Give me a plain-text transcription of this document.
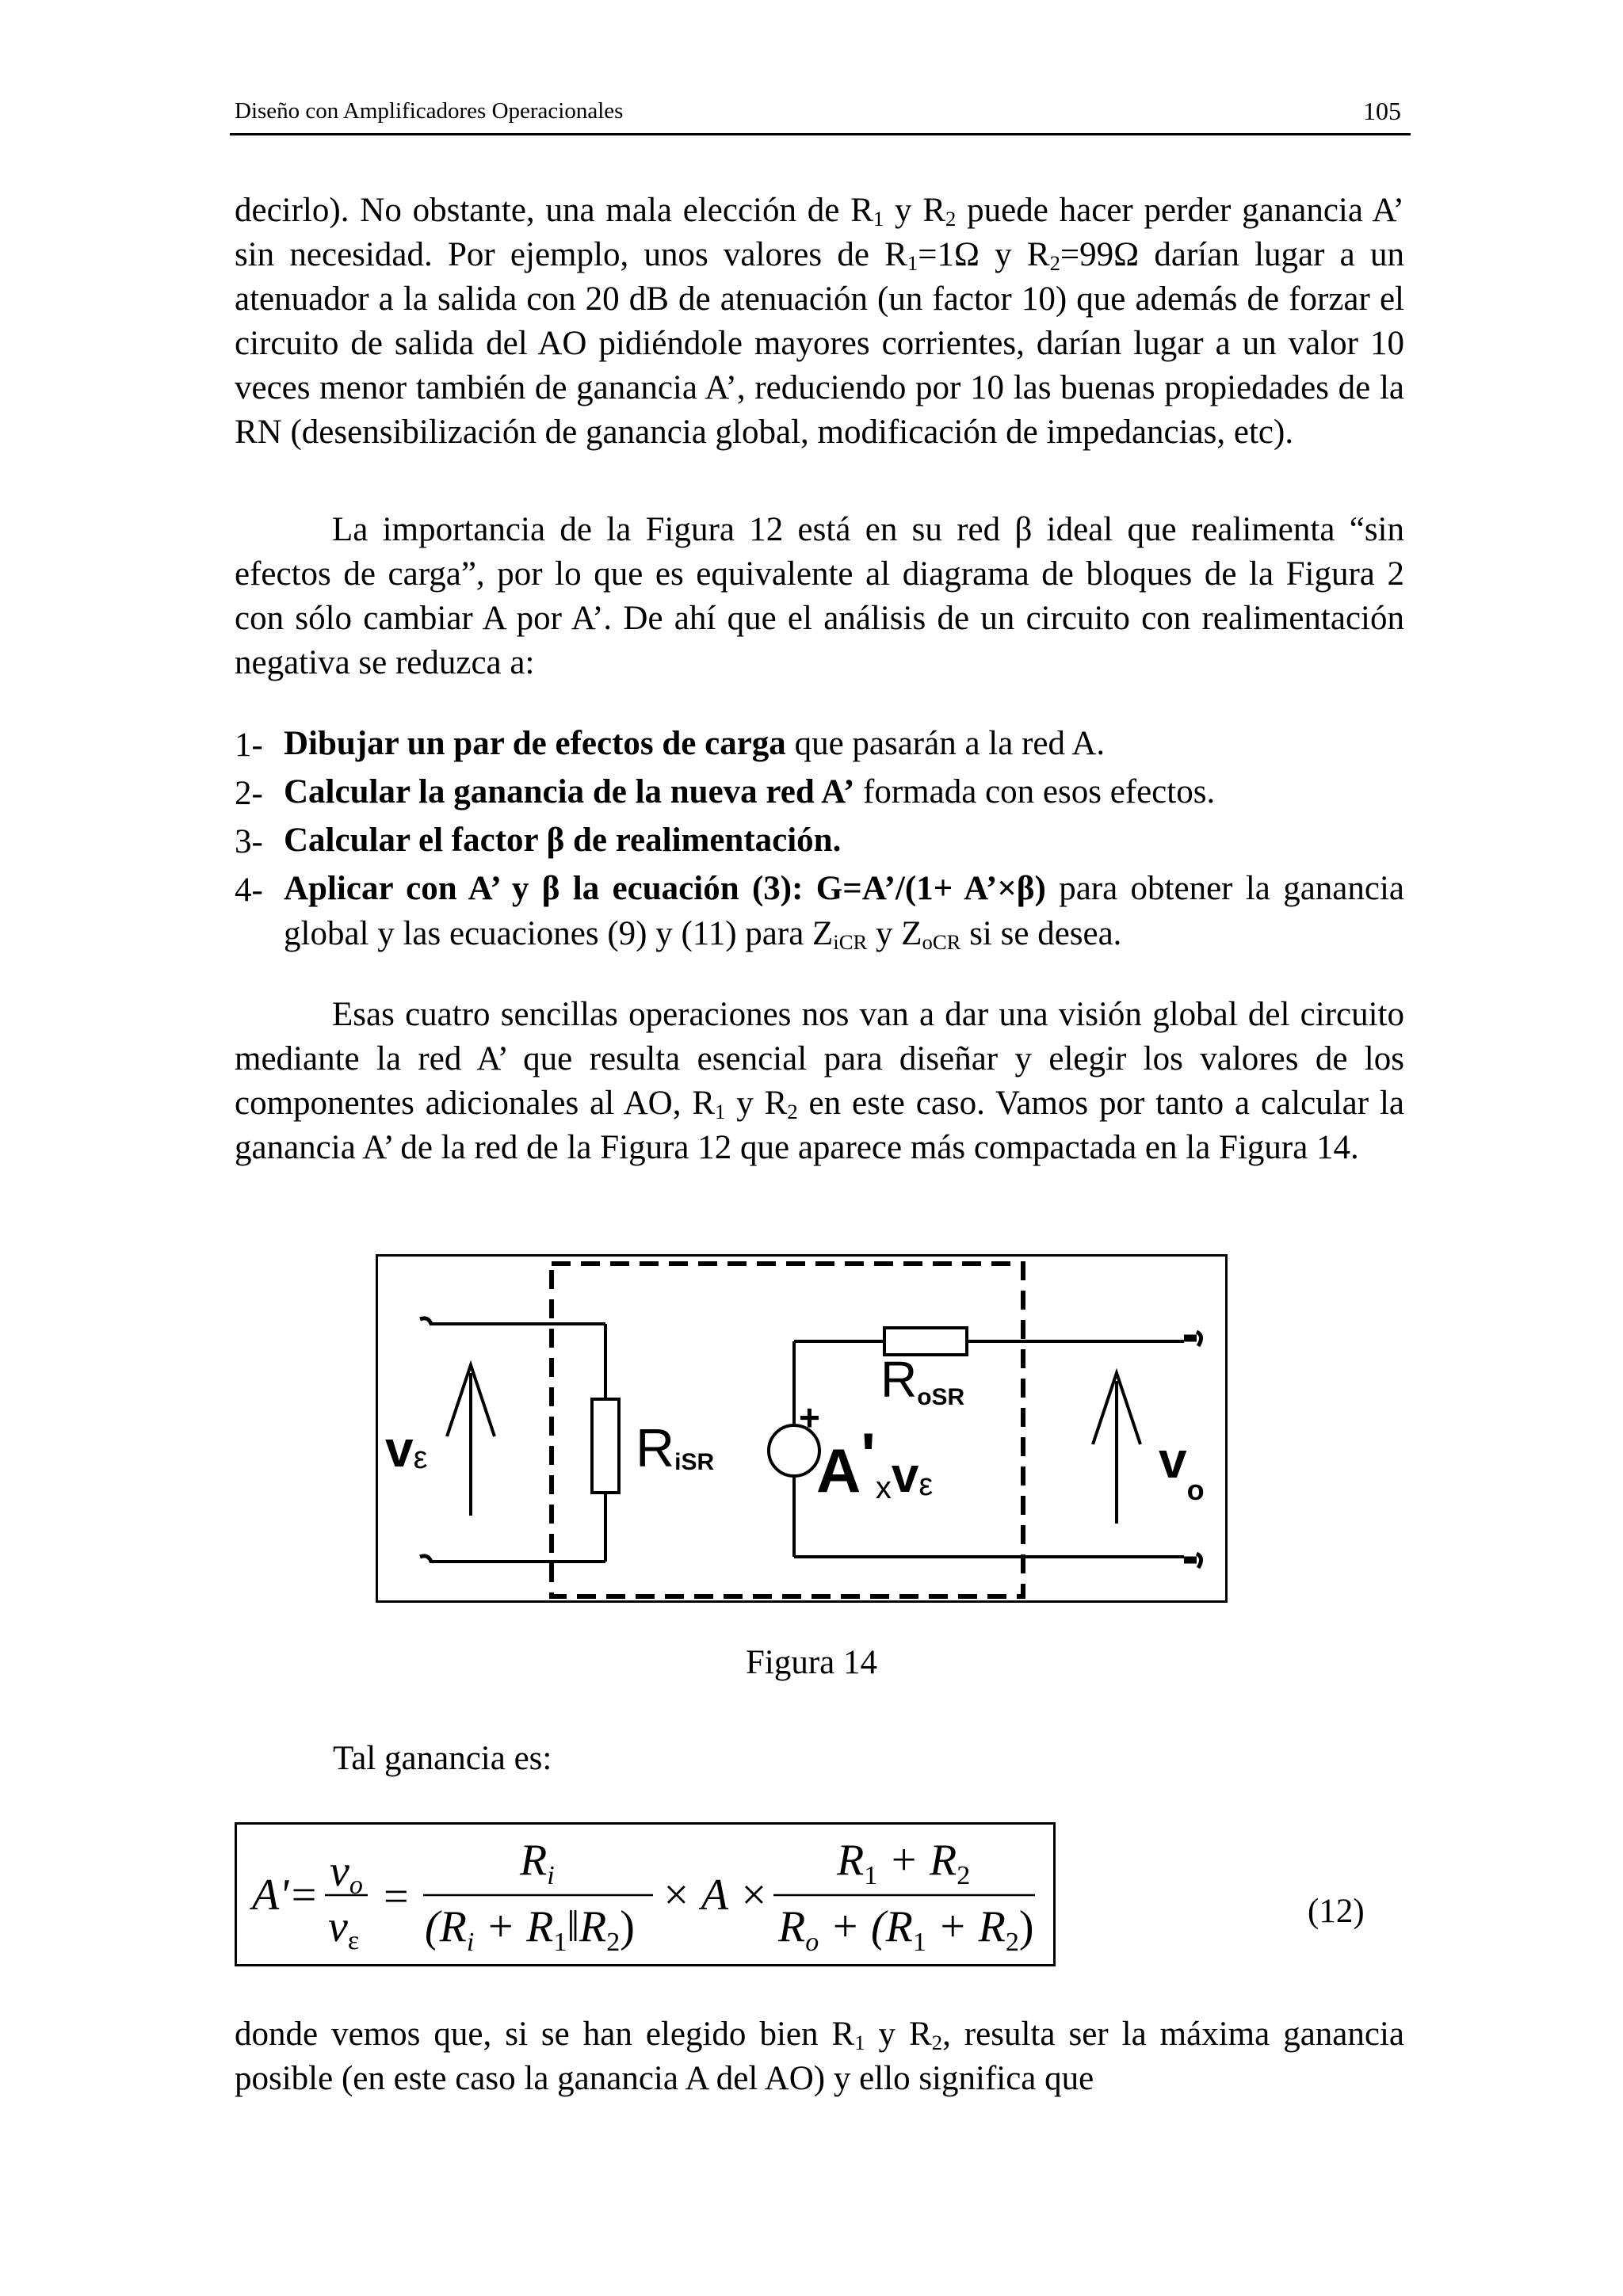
Diseño con Amplificadores Operacionales	105

decirlo). No obstante, una mala elección de $R_1$ y $R_2$ puede hacer perder ganancia A’ sin necesidad. Por ejemplo, unos valores de $R_1=1\Omega$ y $R_2=99\Omega$ darían lugar a un atenuador a la salida con 20 dB de atenuación (un factor 10) que además de forzar el circuito de salida del AO pidiéndole mayores corrientes, darían lugar a un valor 10 veces menor también de ganancia A’, reduciendo por 10 las buenas propiedades de la RN (desensibilización de ganancia global, modificación de impedancias, etc).

La importancia de la Figura 12 está en su red β ideal que realimenta “sin efectos de carga”, por lo que es equivalente al diagrama de bloques de la Figura 2 con sólo cambiar A por A’. De ahí que el análisis de un circuito con realimentación negativa se reduzca a:

1- Dibujar un par de efectos de carga que pasarán a la red A.
2- Calcular la ganancia de la nueva red A’ formada con esos efectos.
3- Calcular el factor β de realimentación.
4- Aplicar con A’ y β la ecuación (3): G=A’/(1+ A’×β) para obtener la ganancia global y las ecuaciones (9) y (11) para $Z_{iCR}$ y $Z_{oCR}$ si se desea.

Esas cuatro sencillas operaciones nos van a dar una visión global del circuito mediante la red A’ que resulta esencial para diseñar y elegir los valores de los componentes adicionales al AO, $R_1$ y $R_2$ en este caso. Vamos por tanto a calcular la ganancia A’ de la red de la Figura 12 que aparece más compactada en la Figura 14.

vε	RiSR
+
RoSR
$A'_xv\varepsilon$	$v_o$
Figura 14
Tal ganancia es:
A'= vo
vε
=
$R_i$
($R_i$ + $R_1‖R_2$)
× A ×
$R_1 + R_2$
$R_o + (R_1 + R_2)$	(12)

donde vemos que, si se han elegido bien $R_1$ y $R_2$, resulta ser la máxima ganancia posible (en este caso la ganancia A del AO) y ello significa que
